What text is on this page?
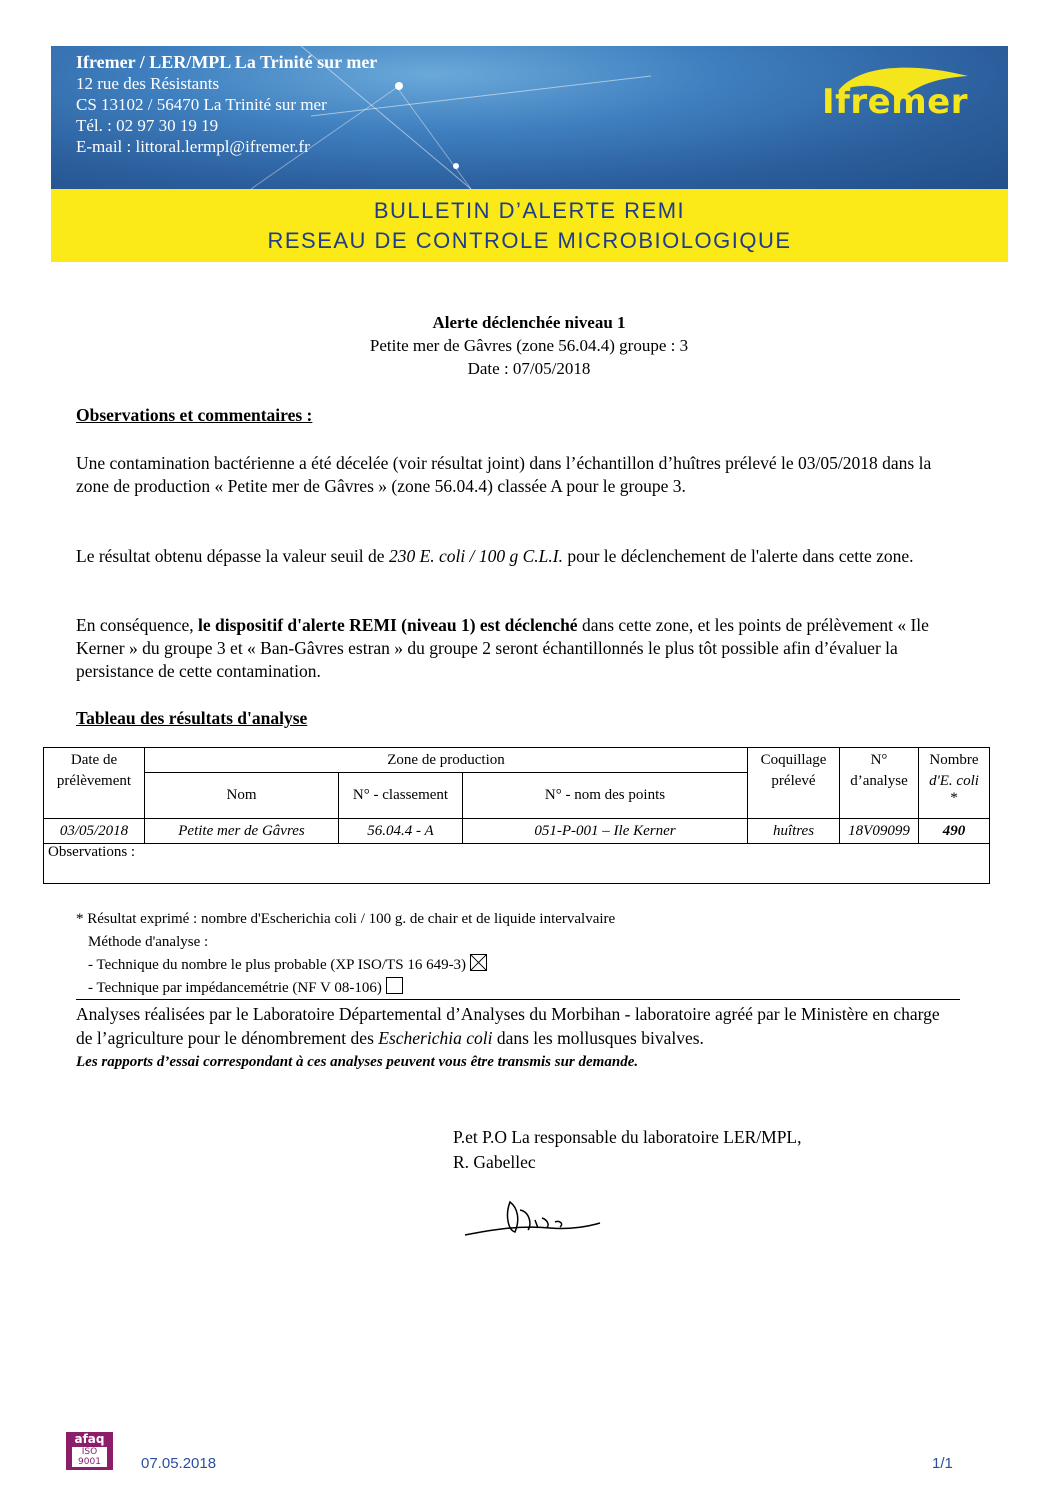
Ifremer / LER/MPL La Trinité sur mer
12 rue des Résistants
CS 13102 / 56470 La Trinité sur mer
Tél. : 02 97 30 19 19
E-mail : littoral.lermpl@ifremer.fr
Ifremer
BULLETIN D’ALERTE REMI
RESEAU DE CONTROLE MICROBIOLOGIQUE
Alerte déclenchée niveau 1
Petite mer de Gâvres (zone 56.04.4) groupe : 3
Date : 07/05/2018
Observations et commentaires :
Une contamination bactérienne a été décelée (voir résultat joint) dans l’échantillon d’huîtres prélevé le 03/05/2018 dans la zone de production « Petite mer de Gâvres » (zone 56.04.4) classée A pour le groupe 3.
Le résultat obtenu dépasse la valeur seuil de 230 E. coli / 100 g C.L.I. pour le déclenchement de l'alerte dans cette zone.
En conséquence, le dispositif d'alerte REMI (niveau 1) est déclenché dans cette zone, et les points de prélèvement « Ile Kerner » du groupe 3 et « Ban-Gâvres estran » du groupe 2 seront échantillonnés le plus tôt possible afin d’évaluer la persistance de cette contamination.
Tableau des résultats d'analyse
Date de	Zone de production			Coquillage	N°	Nombre
prélèvement	Nom	N° - classement	N° - nom des points	prélevé	d’analyse	d'E. coli
*
03/05/2018	Petite mer de Gâvres	56.04.4 - A	051-P-001 – Ile Kerner	huîtres	18V09099	490
Observations :						
* Résultat exprimé : nombre d'Escherichia coli / 100 g. de chair et de liquide intervalvaire
Méthode d'analyse :
- Technique du nombre le plus probable (XP ISO/TS 16 649-3)
- Technique par impédancemétrie (NF V 08-106)
Analyses réalisées par le Laboratoire Départemental d’Analyses du Morbihan - laboratoire agréé par le Ministère en charge de l’agriculture pour le dénombrement des Escherichia coli dans les mollusques bivalves.
Les rapports d’essai correspondant à ces analyses peuvent vous être transmis sur demande.
P.et P.O La responsable du laboratoire LER/MPL,
R. Gabellec
afaq
ISO 9001	07.05.2018	1/1
